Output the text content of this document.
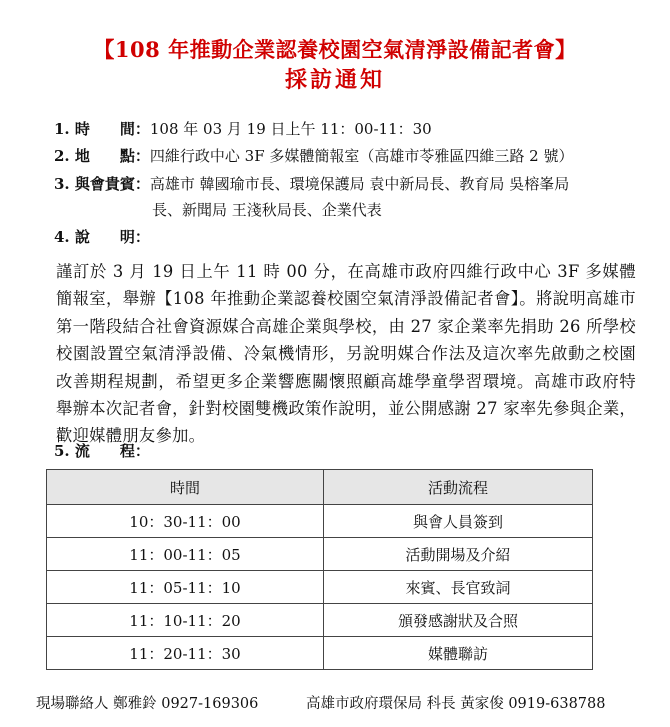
【108 年推動企業認養校園空氣清淨設備記者會】
採訪通知
1. 時　　間：108 年 03 月 19 日上午 11：00-11：30
2. 地　　點：四維行政中心 3F 多媒體簡報室（高雄市苓雅區四維三路 2 號）
3. 與會貴賓：高雄市 韓國瑜市長、環境保護局 袁中新局長、教育局 吳榕峯局
長、新聞局 王淺秋局長、企業代表
4. 說　　明：
謹訂於 3 月 19 日上午 11 時 00 分，在高雄市政府四維行政中心 3F 多媒體簡報室，舉辦【108 年推動企業認養校園空氣清淨設備記者會】。將說明高雄市第一階段結合社會資源媒合高雄企業與學校，由 27 家企業率先捐助 26 所學校校園設置空氣清淨設備、冷氣機情形，另說明媒合作法及這次率先啟動之校園改善期程規劃，希望更多企業響應關懷照顧高雄學童學習環境。高雄市政府特舉辦本次記者會，針對校園雙機政策作說明，並公開感謝 27 家率先參與企業，歡迎媒體朋友參加。
5. 流　　程：
時間	活動流程
10：30-11：00	與會人員簽到
11：00-11：05	活動開場及介紹
11：05-11：10	來賓、長官致詞
11：10-11：20	頒發感謝狀及合照
11：20-11：30	媒體聯訪
現場聯絡人 鄭雅鈴 0927-169306	高雄市政府環保局 科長 黃家俊 0919-638788
